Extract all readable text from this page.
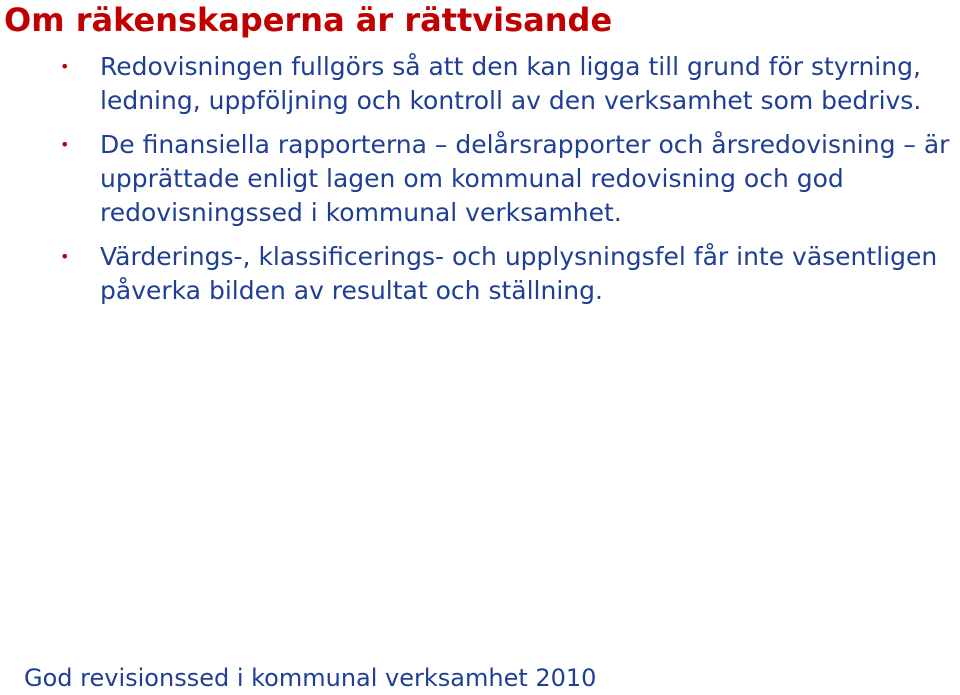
Om räkenskaperna är rättvisande
• Redovisningen fullgörs så att den kan ligga till grund för styrning, ledning, uppföljning och kontroll av den verksamhet som bedrivs.
• De finansiella rapporterna – delårsrapporter och årsredovisning – är upprättade enligt lagen om kommunal redovisning och god redovisningssed i kommunal verksamhet.
• Värderings-, klassificerings- och upplysningsfel får inte väsentligen påverka bilden av resultat och ställning.

God revisionssed i kommunal verksamhet 2010
